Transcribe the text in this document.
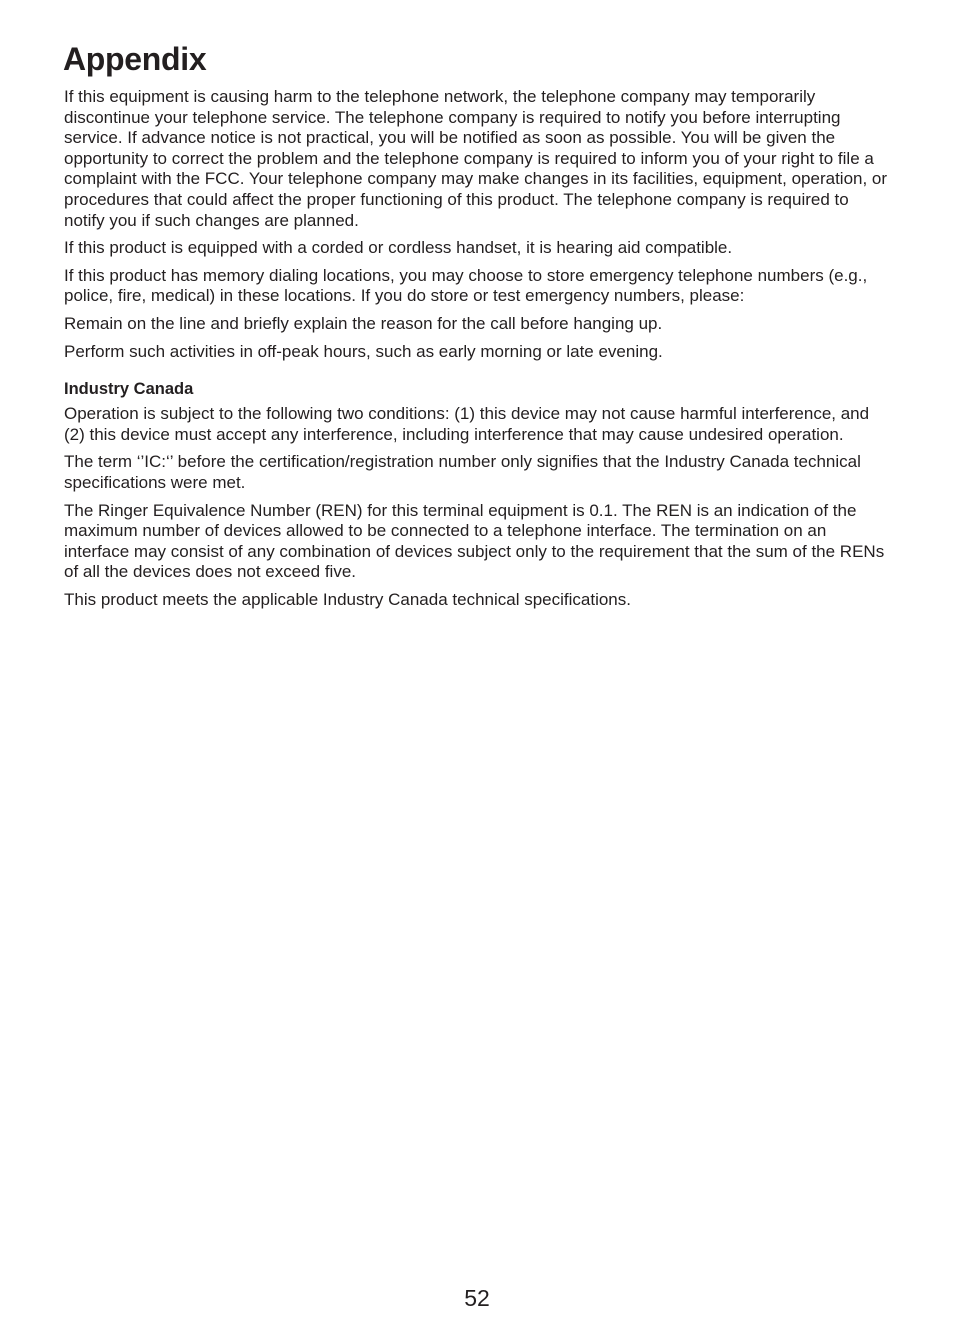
Appendix

If this equipment is causing harm to the telephone network, the telephone company may temporarily discontinue your telephone service. The telephone company is required to notify you before interrupting service. If advance notice is not practical, you will be notified as soon as possible. You will be given the opportunity to correct the problem and the telephone company is required to inform you of your right to file a complaint with the FCC. Your telephone company may make changes in its facilities, equipment, operation, or procedures that could affect the proper functioning of this product. The telephone company is required to notify you if such changes are planned.

If this product is equipped with a corded or cordless handset, it is hearing aid compatible.

If this product has memory dialing locations, you may choose to store emergency telephone numbers (e.g., police, fire, medical) in these locations. If you do store or test emergency numbers, please:

Remain on the line and briefly explain the reason for the call before hanging up.

Perform such activities in off-peak hours, such as early morning or late evening.

Industry Canada

Operation is subject to the following two conditions: (1) this device may not cause harmful interference, and (2) this device must accept any interference, including interference that may cause undesired operation.

The term ‘’IC:‘’ before the certification/registration number only signifies that the Industry Canada technical specifications were met.

The Ringer Equivalence Number (REN) for this terminal equipment is 0.1. The REN is an indication of the maximum number of devices allowed to be connected to a telephone interface. The termination on an interface may consist of any combination of devices subject only to the requirement that the sum of the RENs of all the devices does not exceed five.

This product meets the applicable Industry Canada technical specifications.

52
